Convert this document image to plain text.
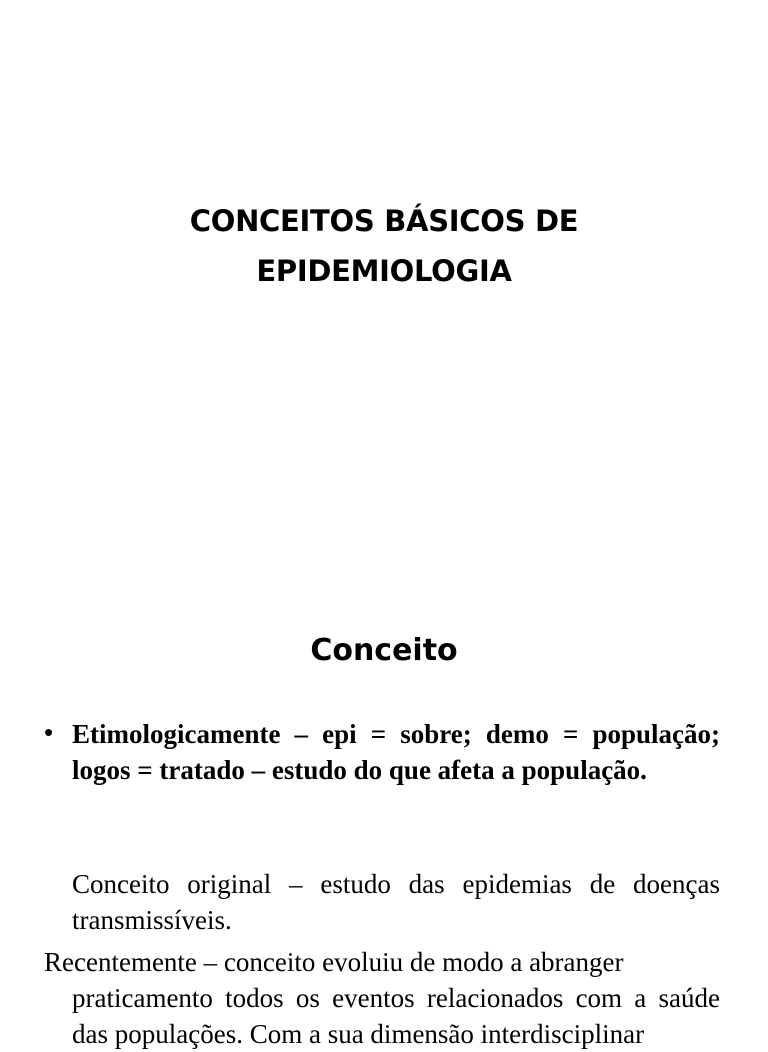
CONCEITOS BÁSICOS DE
EPIDEMIOLOGIA
Conceito
• Etimologicamente – epi = sobre; demo = população; logos = tratado – estudo do que afeta a população.
Conceito original – estudo das epidemias de doenças transmissíveis.
Recentemente – conceito evoluiu de modo a abranger
praticamento todos os eventos relacionados com a saúde das populações. Com a sua dimensão interdisciplinar
